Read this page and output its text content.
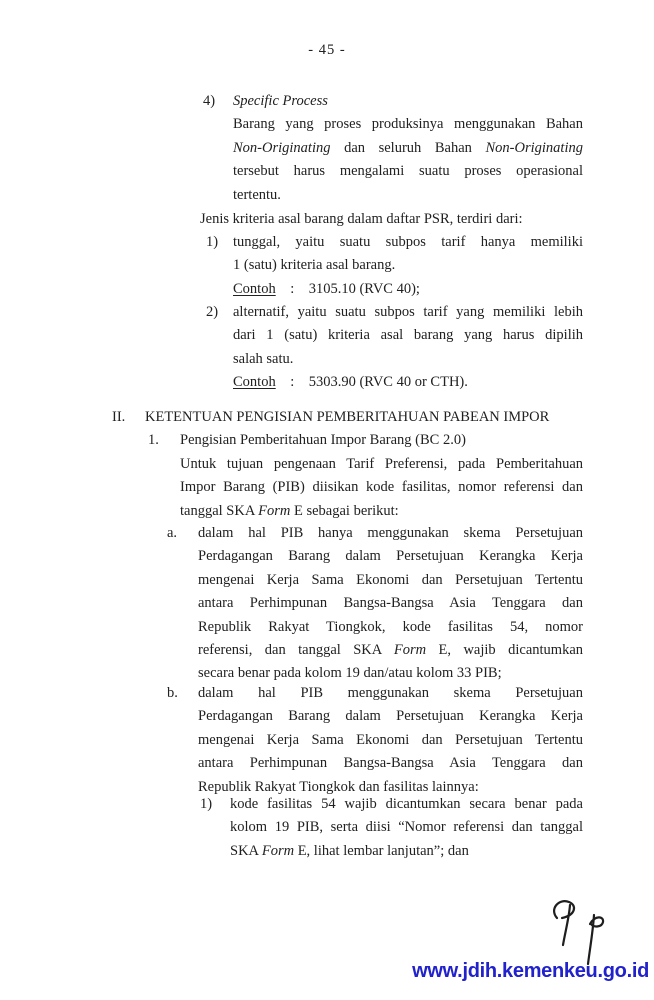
- 45 -
4) Specific Process
Barang yang proses produksinya menggunakan Bahan
Non-Originating dan seluruh Bahan Non-Originating
tersebut harus mengalami suatu proses operasional
tertentu.
Jenis kriteria asal barang dalam daftar PSR, terdiri dari:
1) tunggal, yaitu suatu subpos tarif hanya memiliki
1 (satu) kriteria asal barang.
Contoh    :    3105.10 (RVC 40);
2) alternatif, yaitu suatu subpos tarif yang memiliki lebih
dari 1 (satu) kriteria asal barang yang harus dipilih
salah satu.
Contoh    :    5303.90 (RVC 40 or CTH).
II. KETENTUAN PENGISIAN PEMBERITAHUAN PABEAN IMPOR
1. Pengisian Pemberitahuan Impor Barang (BC 2.0)
Untuk tujuan pengenaan Tarif Preferensi, pada Pemberitahuan
Impor Barang (PIB) diisikan kode fasilitas, nomor referensi dan
tanggal SKA Form E sebagai berikut:
a. dalam hal PIB hanya menggunakan skema Persetujuan
Perdagangan Barang dalam Persetujuan Kerangka Kerja
mengenai Kerja Sama Ekonomi dan Persetujuan Tertentu
antara Perhimpunan Bangsa-Bangsa Asia Tenggara dan
Republik Rakyat Tiongkok, kode fasilitas 54, nomor
referensi, dan tanggal SKA Form E, wajib dicantumkan
secara benar pada kolom 19 dan/atau kolom 33 PIB;
b. dalam hal PIB menggunakan skema Persetujuan
Perdagangan Barang dalam Persetujuan Kerangka Kerja
mengenai Kerja Sama Ekonomi dan Persetujuan Tertentu
antara Perhimpunan Bangsa-Bangsa Asia Tenggara dan
Republik Rakyat Tiongkok dan fasilitas lainnya:
1) kode fasilitas 54 wajib dicantumkan secara benar pada
kolom 19 PIB, serta diisi “Nomor referensi dan tanggal
SKA Form E, lihat lembar lanjutan”; dan
www.jdih.kemenkeu.go.id
